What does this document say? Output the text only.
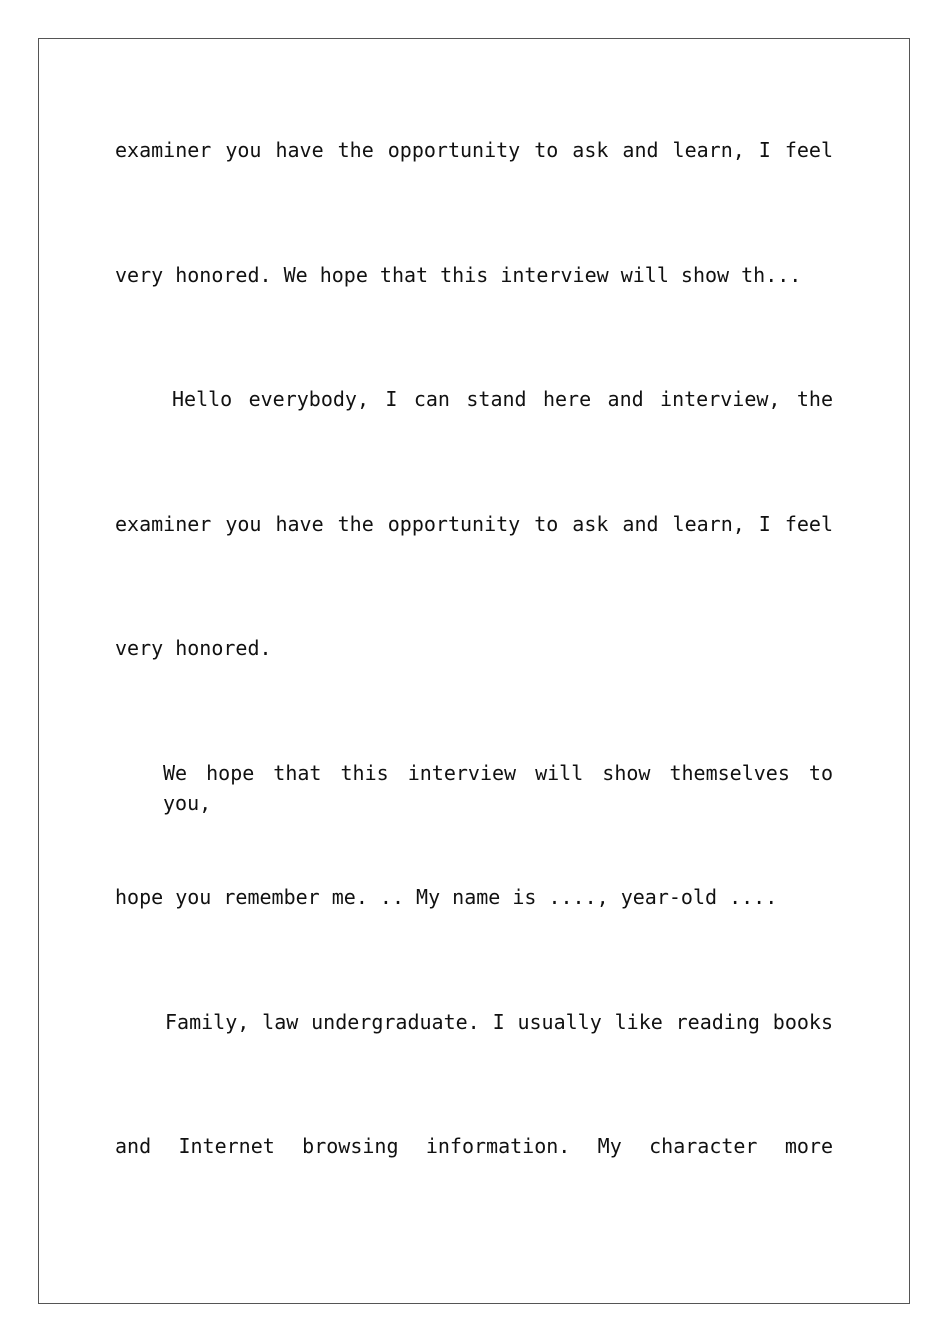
examiner you have the opportunity to ask and learn, I feel
very honored. We hope that this interview will show th...
Hello everybody, I can stand here and interview, the
examiner you have the opportunity to ask and learn, I feel
very honored.
We hope that this interview will show themselves to you,
hope you remember me. .. My name is ...., year-old ....
Family, law undergraduate. I usually like reading books
and Internet browsing information. My character more
